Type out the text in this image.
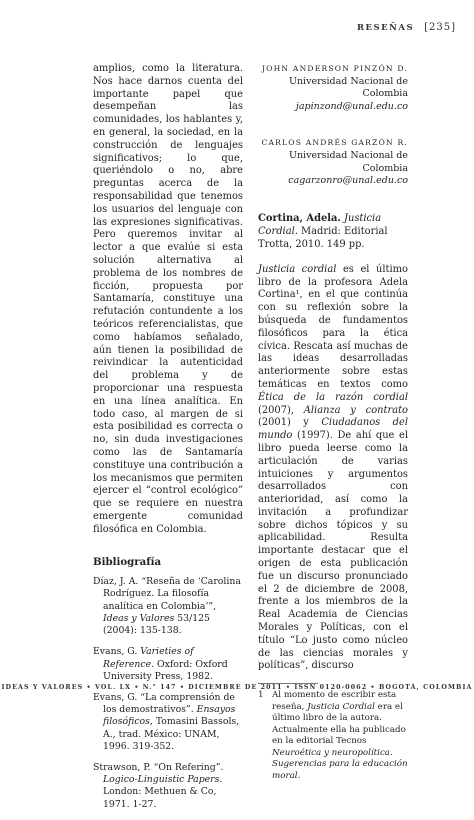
RESEÑAS [235]

amplios, como la literatura. Nos hace darnos cuenta del importante papel que desempeñan las comunidades, los hablantes y, en general, la sociedad, en la construcción de lenguajes significativos; lo que, queriéndolo o no, abre preguntas acerca de la responsabilidad que tenemos los usuarios del lenguaje con las expresiones significativas. Pero queremos invitar al lector a que evalúe si esta solución alternativa al problema de los nombres de ficción, propuesta por Santamaría, constituye una refutación contundente a los teóricos referencialistas, que como habíamos señalado, aún tienen la posibilidad de reivindicar la autenticidad del problema y de proporcionar una respuesta en una línea analítica. En todo caso, al margen de si esta posibilidad es correcta o no, sin duda investigaciones como las de Santamaría constituye una contribución a los mecanismos que permiten ejercer el “control ecológico” que se requiere en nuestra emergente comunidad filosófica en Colombia.

Bibliografía

Díaz, J. A. “Reseña de ‘Carolina Rodríguez. La filosofía analítica en Colombia’”, Ideas y Valores 53/125 (2004): 135-138.

Evans, G. Varieties of Reference. Oxford: Oxford University Press, 1982.

Evans, G. “La comprensión de los demostrativos”. Ensayos filosóficos, Tomasini Bassols, A., trad. México: UNAM, 1996. 319-352.

Strawson, P. “On Refering”. Logico-Linguistic Papers. London: Methuen & Co, 1971. 1-27.

JOHN ANDERSON PINZÓN D.
Universidad Nacional de Colombia
japinzond@unal.edu.co
CARLOS ANDRÉS GARZÓN R.
Universidad Nacional de Colombia
cagarzonro@unal.edu.co
Cortina, Adela. Justicia Cordial. Madrid: Editorial Trotta, 2010. 149 pp.

Justicia cordial es el último libro de la profesora Adela Cortina¹, en el que continúa con su reflexión sobre la búsqueda de fundamentos filosóficos para la ética cívica. Rescata así muchas de las ideas desarrolladas anteriormente sobre estas temáticas en textos como Ética de la razón cordial (2007), Alianza y contrato (2001) y Ciudadanos del mundo (1997). De ahí que el libro pueda leerse como la articulación de varias intuiciones y argumentos desarrollados con anterioridad, así como la invitación a profundizar sobre dichos tópicos y su aplicabilidad. Resulta importante destacar que el origen de esta publicación fue un discurso pronunciado el 2 de diciembre de 2008, frente a los miembros de la Real Academia de Ciencias Morales y Políticas, con el título “Lo justo como núcleo de las ciencias morales y políticas”, discurso

1 Al momento de escribir esta reseña, Justicia Cordial era el último libro de la autora. Actualmente ella ha publicado en la editorial Tecnos Neuroética y neuropolítica. Sugerencias para la educación moral.
IDEAS Y VALORES • VOL. LX • N.° 147 • DICIEMBRE DE 2011 • ISSN 0120-0062 • BOGOTÁ, COLOMBIA
